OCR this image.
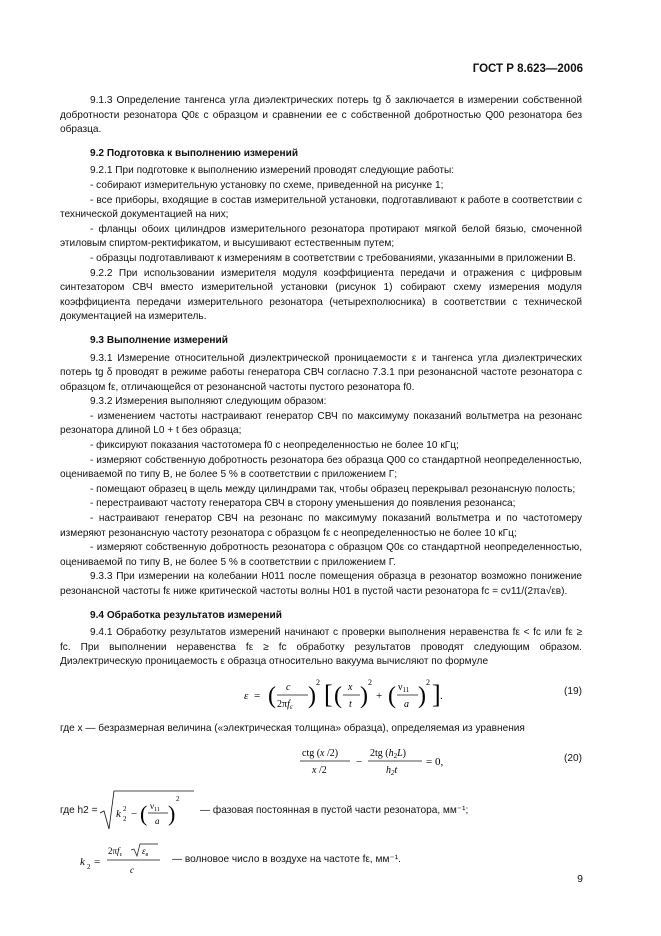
ГОСТ Р 8.623—2006

9.1.3 Определение тангенса угла диэлектрических потерь tg δ заключается в измерении собственной добротности резонатора Q0ε с образцом и сравнении ее с собственной добротностью Q00 резонатора без образца.

9.2 Подготовка к выполнению измерений

9.2.1 При подготовке к выполнению измерений проводят следующие работы:

- собирают измерительную установку по схеме, приведенной на рисунке 1;

- все приборы, входящие в состав измерительной установки, подготавливают к работе в соответствии с технической документацией на них;

- фланцы обоих цилиндров измерительного резонатора протирают мягкой белой бязью, смоченной этиловым спиртом-ректификатом, и высушивают естественным путем;

- образцы подготавливают к измерениям в соответствии с требованиями, указанными в приложении В.

9.2.2 При использовании измерителя модуля коэффициента передачи и отражения с цифровым синтезатором СВЧ вместо измерительной установки (рисунок 1) собирают схему измерения модуля коэффициента передачи измерительного резонатора (четырехполюсника) в соответствии с технической документацией на измеритель.

9.3 Выполнение измерений

9.3.1 Измерение относительной диэлектрической проницаемости ε и тангенса угла диэлектрических потерь tg δ проводят в режиме работы генератора СВЧ согласно 7.3.1 при резонансной частоте резонатора с образцом fε, отличающейся от резонансной частоты пустого резонатора f0.

9.3.2 Измерения выполняют следующим образом:

- изменением частоты настраивают генератор СВЧ по максимуму показаний вольтметра на резонанс резонатора длиной L0 + t без образца;

- фиксируют показания частотомера f0 с неопределенностью не более 10 кГц;

- измеряют собственную добротность резонатора без образца Q00 со стандартной неопределенностью, оцениваемой по типу В, не более 5 % в соответствии с приложением Г;

- помещают образец в щель между цилиндрами так, чтобы образец перекрывал резонансную полость;

- перестраивают частоту генератора СВЧ в сторону уменьшения до появления резонанса;

- настраивают генератор СВЧ на резонанс по максимуму показаний вольтметра и по частотомеру измеряют резонансную частоту резонатора с образцом fε с неопределенностью не более 10 кГц;

- измеряют собственную добротность резонатора с образцом Q0ε со стандартной неопределенностью, оцениваемой по типу В, не более 5 % в соответствии с приложением Г.

9.3.3 При измерении на колебании H011 после помещения образца в резонатор возможно понижение резонансной частоты fε ниже критической частоты волны H01 в пустой части резонатора fc = cν11/(2πa√εв).

9.4 Обработка результатов измерений

9.4.1 Обработку результатов измерений начинают с проверки выполнения неравенства fε < fc или fε ≥ fc. При выполнении неравенства fε ≥ fc обработку результатов проводят следующим образом. Диэлектрическую проницаемость ε образца относительно вакуума вычисляют по формуле

ε = ( c
$2\pi f_\varepsilon$ )
2 [ ( x
t )
2
+ ( $\nu_{11}$
a )
2 ] .	(19)

где x — безразмерная величина («электрическая толщина» образца), определяемая из уравнения

ctg (x /2)
x /2
−
2tg $(h_2L)$
$h_2t$
= 0,	(20)
где h2 = k 2
2 − ( $\nu_{11}$
a )
2
— фазовая постоянная в пустой части резонатора, мм⁻¹;
k 2 =
$2\pi f_\varepsilon$ $\varepsilon_в$
c
— волновое число в воздухе на частоте fε, мм⁻¹.
9
